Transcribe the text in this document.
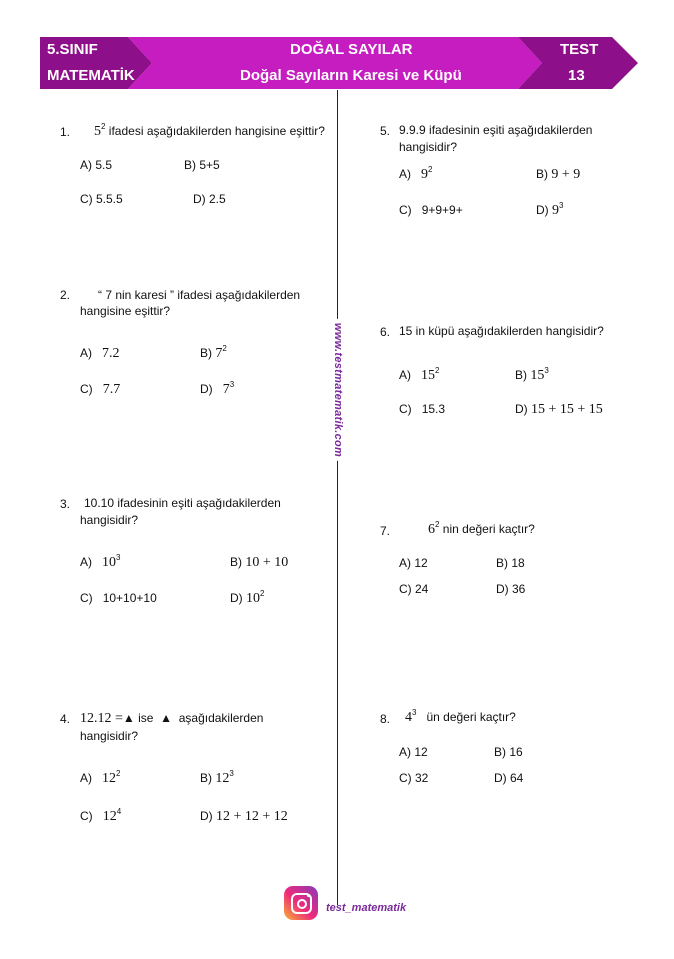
5.SINIF
MATEMATİK
DOĞAL SAYILAR
Doğal Sayıların Karesi ve Küpü
TEST
13
www.testmatematik.com
1. $5^2$ ifadesi aşağıdakilerden hangisine eşittir?
A) 5.5	B) 5+5
C) 5.5.5	D) 2.5
2. “ 7 nin karesi ” ifadesi aşağıdakilerden
hangisine eşittir?
A) 7.2	B) $7^2$
C) 7.7	D) $7^3$
3. 10.10 ifadesinin eşiti aşağıdakilerden
hangisidir?
A) $10^3$	B) 10 + 10
C) 10+10+10	D) $10^2$
4. 12.12 =▲ ise ▲ aşağıdakilerden
hangisidir?
A) $12^2$	B) $12^3$
C) $12^4$	D) 12 + 12 + 12
5. 9.9.9 ifadesinin eşiti aşağıdakilerden
hangisidir?
A) $9^2$	B) 9 + 9
C) 9+9+9+	D) $9^3$
6. 15 in küpü aşağıdakilerden hangisidir?
A) $15^2$	B) $15^3$
C) 15.3	D) 15 + 15 + 15
7.	$6^2$ nin değeri kaçtır?
A) 12	B) 18
C) 24	D) 36
8. $4^3$ ün değeri kaçtır?
A) 12	B) 16
C) 32	D) 64
test_matematik
